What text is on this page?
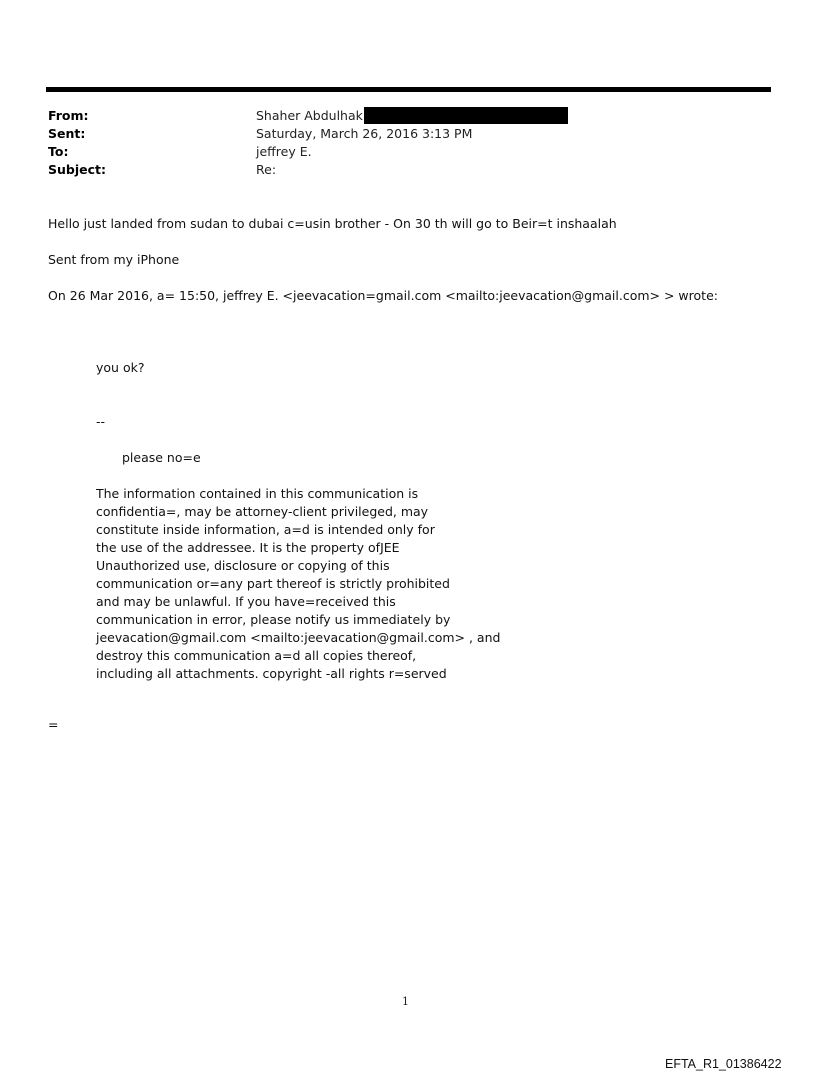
From:	Shaher Abdulhak
Sent:	Saturday, March 26, 2016 3:13 PM
To:	jeffrey E.
Subject:	Re:
Hello just landed from sudan to dubai c=usin brother - On 30 th will go to Beir=t inshaalah
Sent from my iPhone
On 26 Mar 2016, a= 15:50, jeffrey E. <jeevacation=gmail.com <mailto:jeevacation@gmail.com> > wrote:
you ok?
--
please no=e
The information contained in this communication is
confidentia=, may be attorney-client privileged, may
constitute inside information, a=d is intended only for
the use of the addressee. It is the property ofJEE
Unauthorized use, disclosure or copying of this
communication or=any part thereof is strictly prohibited
and may be unlawful. If you have=received this
communication in error, please notify us immediately by
jeevacation@gmail.com <mailto:jeevacation@gmail.com> , and
destroy this communication a=d all copies thereof,
including all attachments. copyright -all rights r=served
=
1
EFTA_R1_01386422
